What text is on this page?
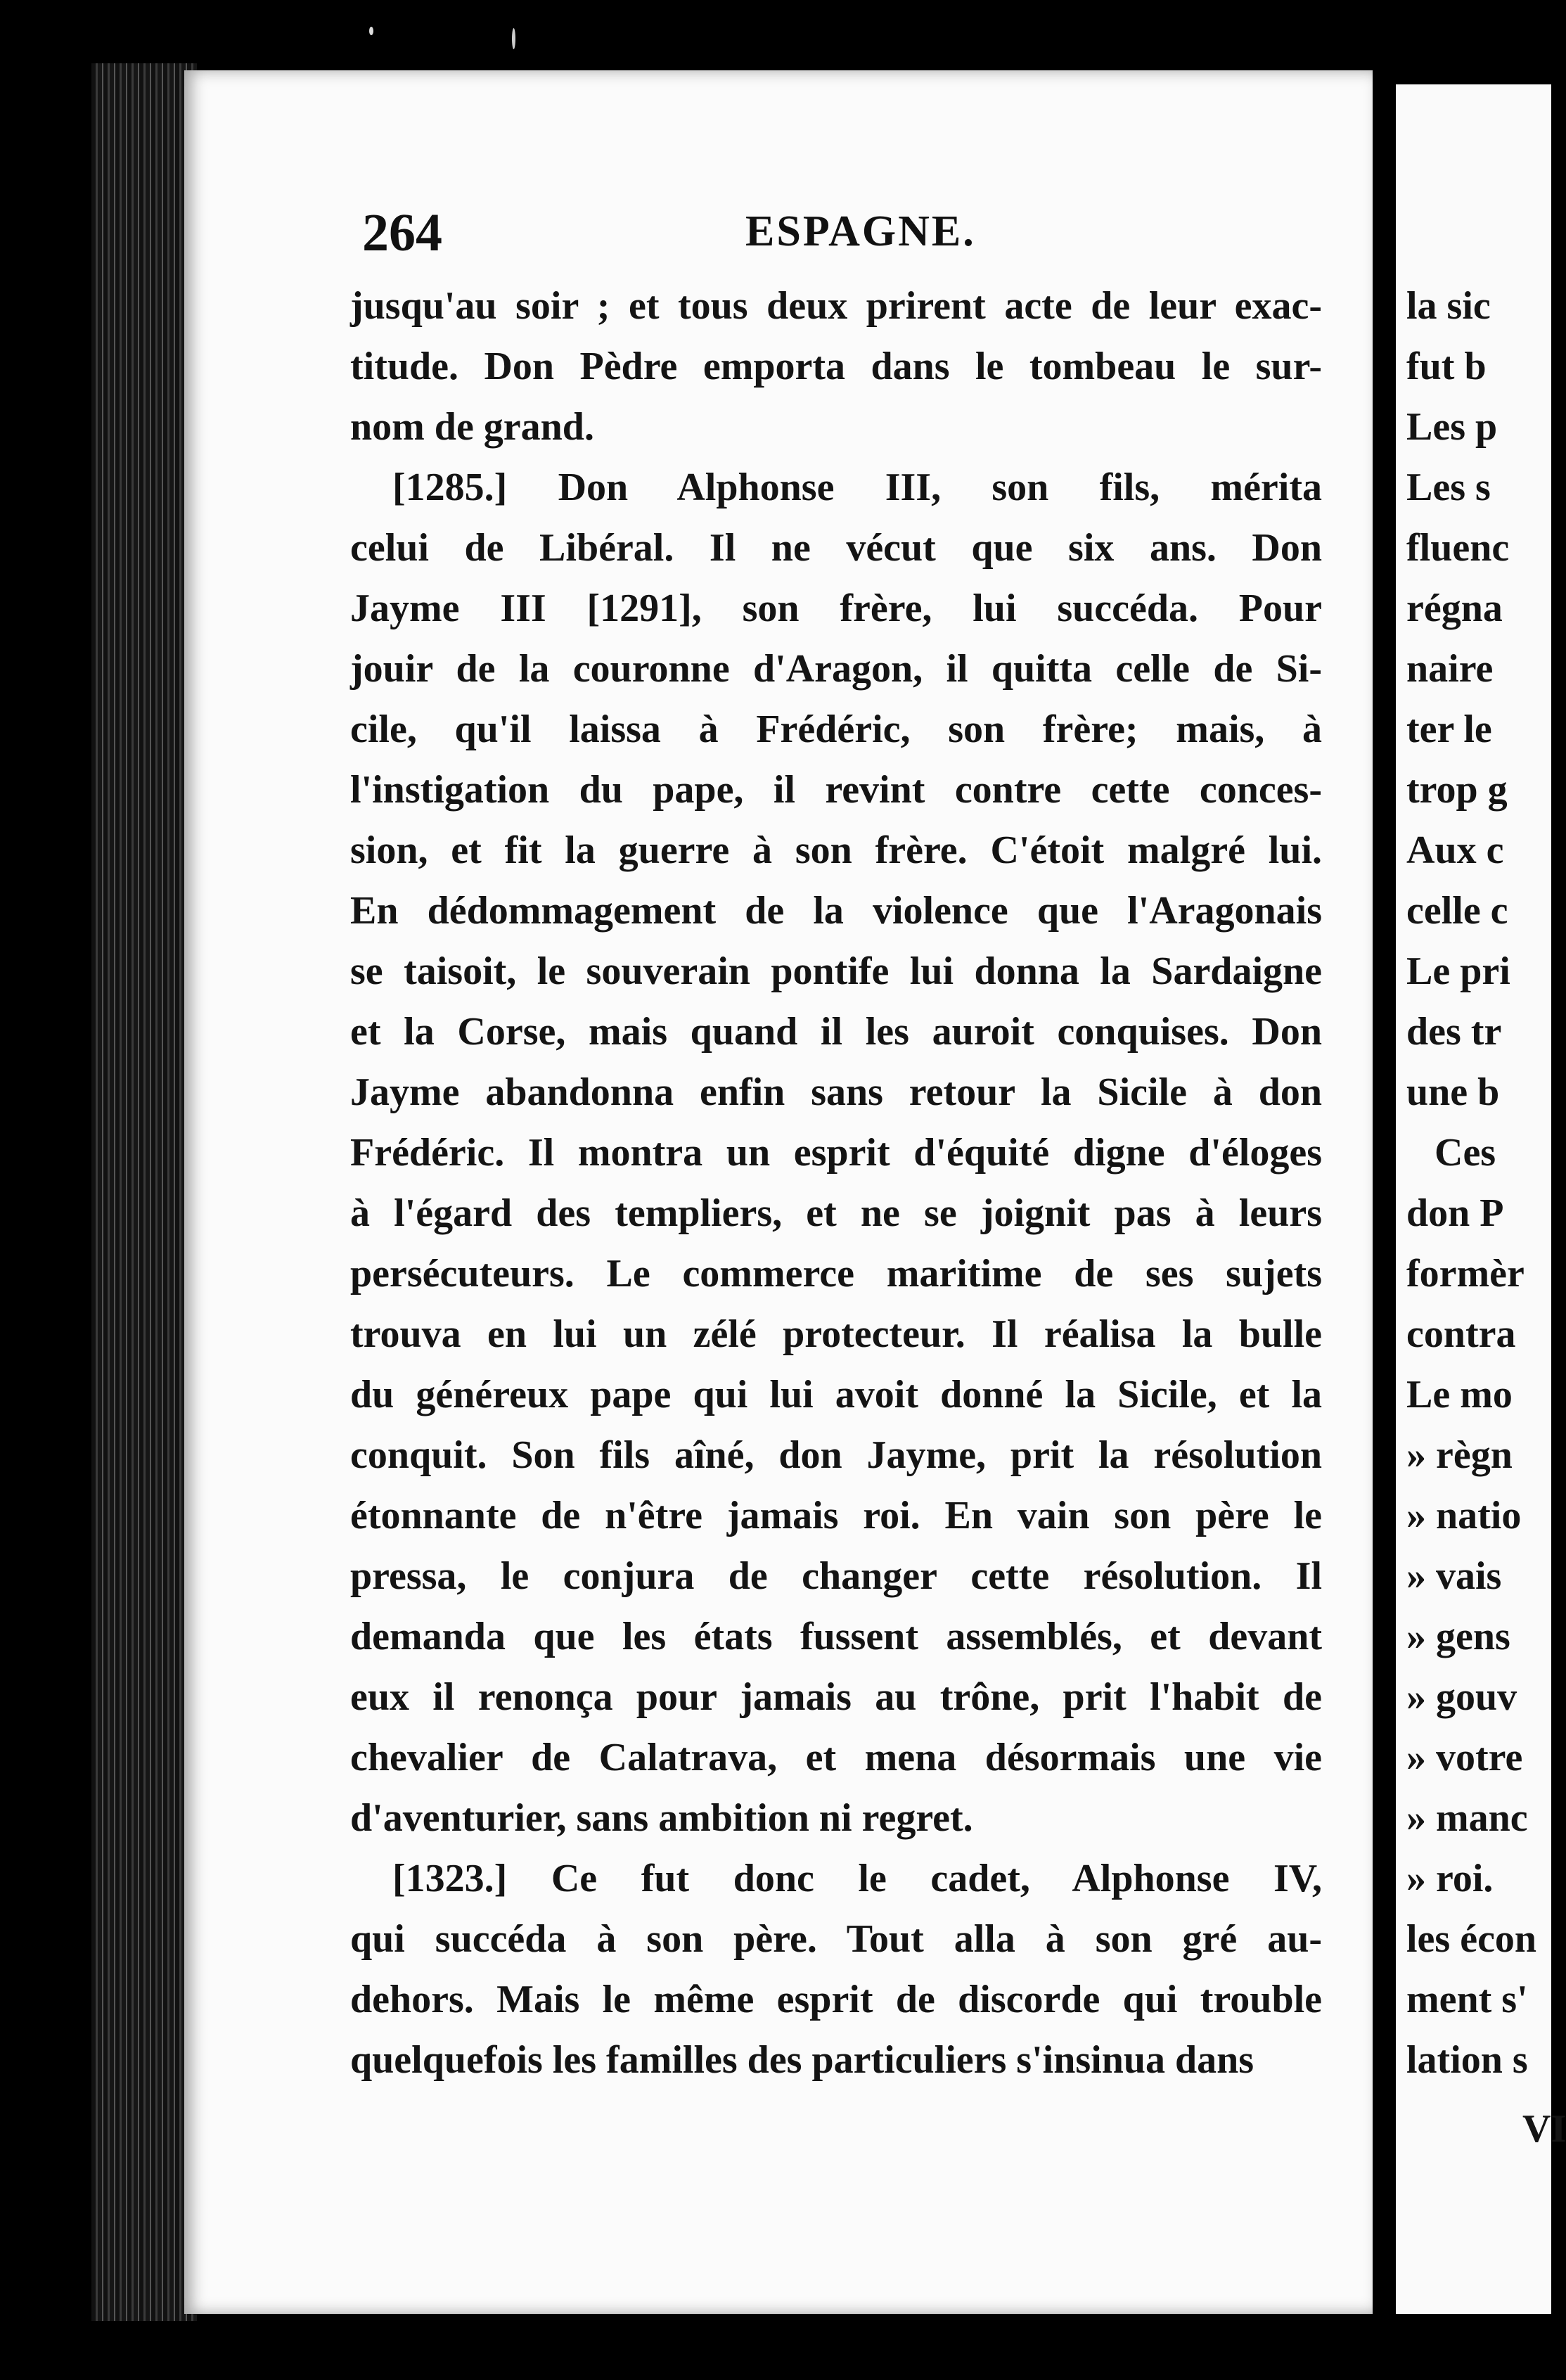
264	ESPAGNE.
jusqu'au soir ; et tous deux prirent acte de leur exac-
titude. Don Pèdre emporta dans le tombeau le sur-
nom de grand.
[1285.] Don Alphonse III, son fils, mérita
celui de Libéral. Il ne vécut que six ans. Don
Jayme III [1291], son frère, lui succéda. Pour
jouir de la couronne d'Aragon, il quitta celle de Si-
cile, qu'il laissa à Frédéric, son frère; mais, à
l'instigation du pape, il revint contre cette conces-
sion, et fit la guerre à son frère. C'étoit malgré lui.
En dédommagement de la violence que l'Aragonais
se taisoit, le souverain pontife lui donna la Sardaigne
et la Corse, mais quand il les auroit conquises. Don
Jayme abandonna enfin sans retour la Sicile à don
Frédéric. Il montra un esprit d'équité digne d'éloges
à l'égard des templiers, et ne se joignit pas à leurs
persécuteurs. Le commerce maritime de ses sujets
trouva en lui un zélé protecteur. Il réalisa la bulle
du généreux pape qui lui avoit donné la Sicile, et la
conquit. Son fils aîné, don Jayme, prit la résolution
étonnante de n'être jamais roi. En vain son père le
pressa, le conjura de changer cette résolution. Il
demanda que les états fussent assemblés, et devant
eux il renonça pour jamais au trône, prit l'habit de
chevalier de Calatrava, et mena désormais une vie
d'aventurier, sans ambition ni regret.
[1323.] Ce fut donc le cadet, Alphonse IV,
qui succéda à son père. Tout alla à son gré au-
dehors. Mais le même esprit de discorde qui trouble
quelquefois les familles des particuliers s'insinua dans
la sic
fut b
Les p
Les s
fluenc
régna
naire
ter le
trop g
Aux c
celle c
Le pri
des tr
une b
Ces
don P
formèr
contra
Le mo
» règn
» natio
» vais
» gens
» gouv
» votre
» manc
» roi.
les écon
ment s'
lation s
VI
